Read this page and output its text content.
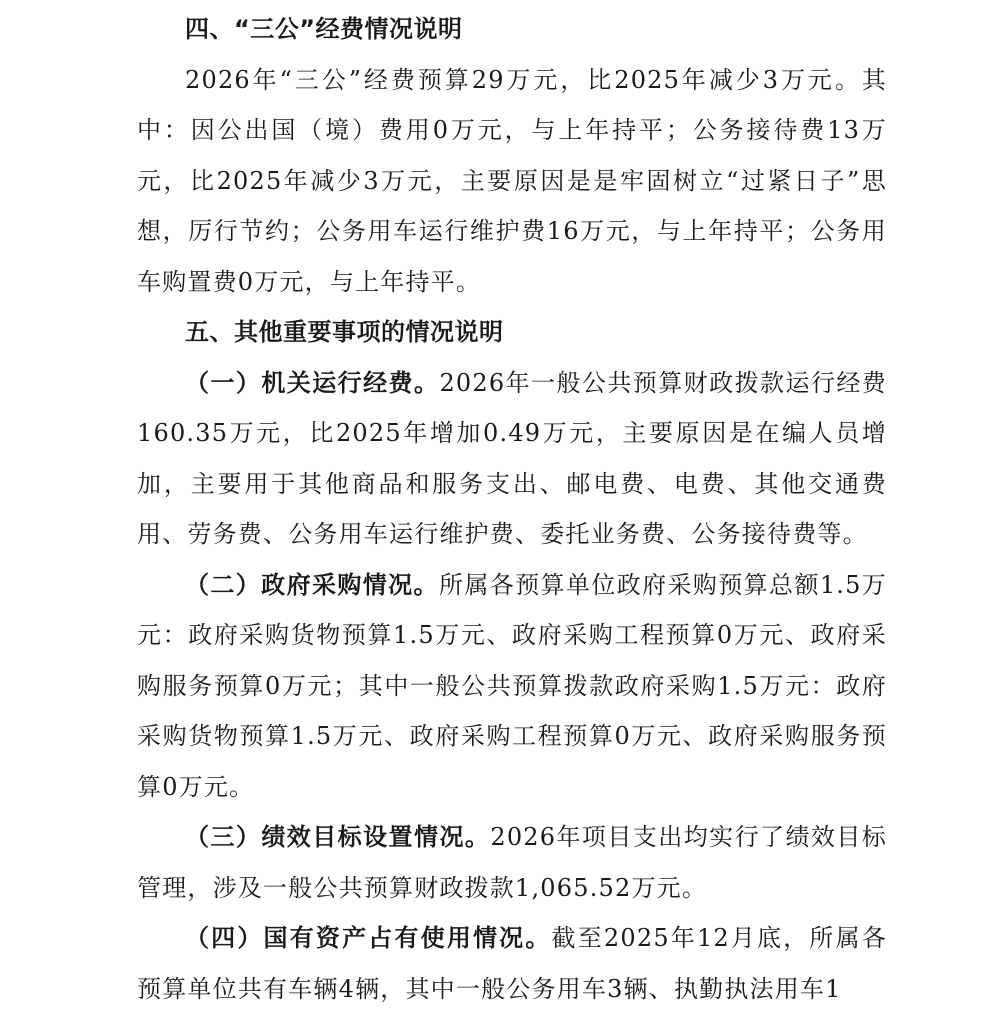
四、“三公”经费情况说明

2026年“三公”经费预算29万元，比2025年减少3万元。其中：因公出国（境）费用0万元，与上年持平；公务接待费13万元，比2025年减少3万元，主要原因是是牢固树立“过紧日子”思想，厉行节约；公务用车运行维护费16万元，与上年持平；公务用车购置费0万元，与上年持平。

五、其他重要事项的情况说明

（一）机关运行经费。2026年一般公共预算财政拨款运行经费160.35万元，比2025年增加0.49万元，主要原因是在编人员增加，主要用于其他商品和服务支出、邮电费、电费、其他交通费用、劳务费、公务用车运行维护费、委托业务费、公务接待费等。

（二）政府采购情况。所属各预算单位政府采购预算总额1.5万元：政府采购货物预算1.5万元、政府采购工程预算0万元、政府采购服务预算0万元；其中一般公共预算拨款政府采购1.5万元：政府采购货物预算1.5万元、政府采购工程预算0万元、政府采购服务预算0万元。

（三）绩效目标设置情况。2026年项目支出均实行了绩效目标管理，涉及一般公共预算财政拨款1,065.52万元。

（四）国有资产占有使用情况。截至2025年12月底，所属各预算单位共有车辆4辆，其中一般公务用车3辆、执勤执法用车1
